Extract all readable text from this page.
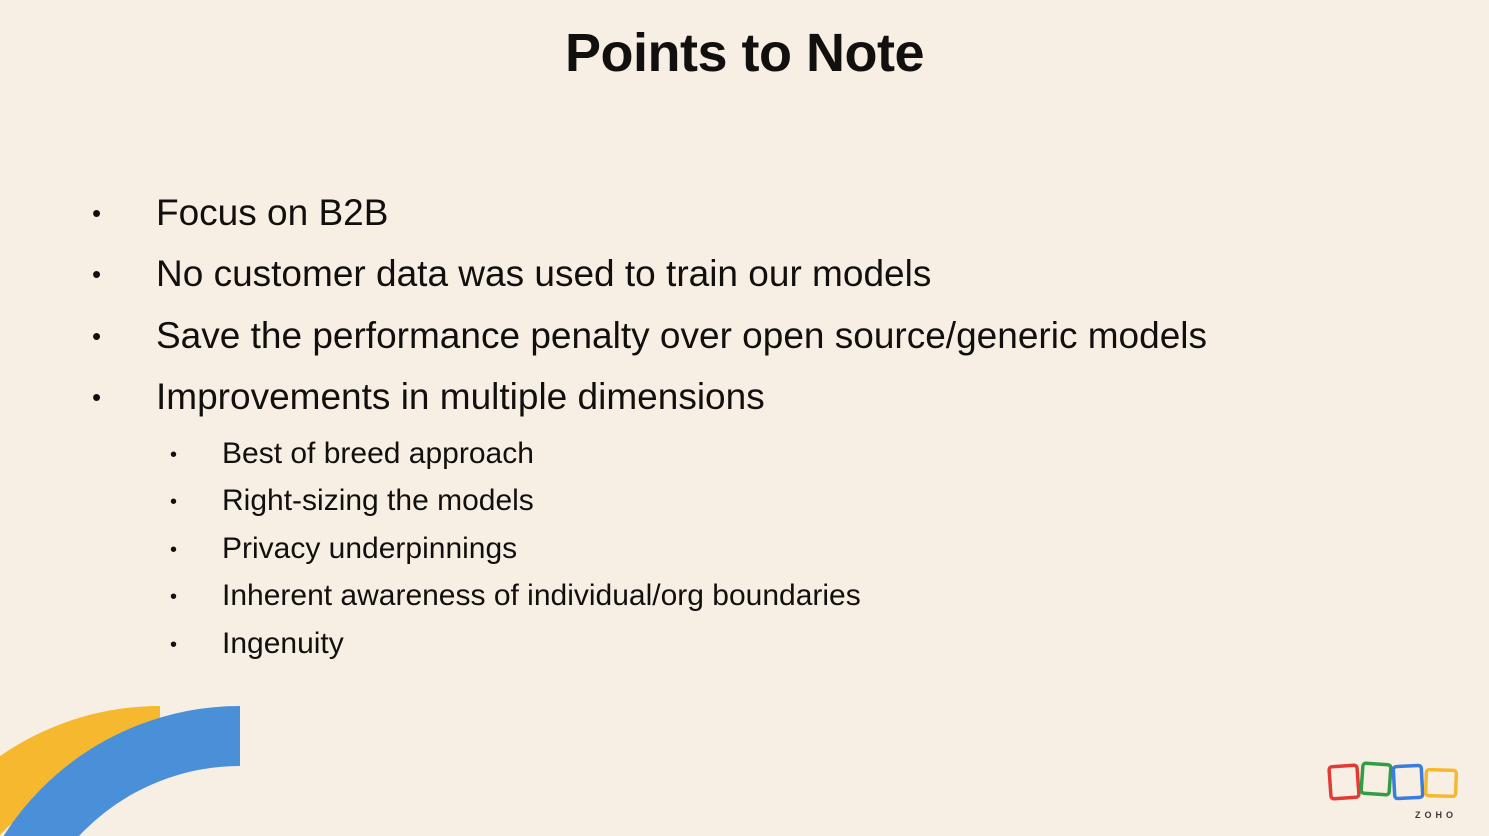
Points to Note
•	Focus on B2B
•	No customer data was used to train our models
•	Save the performance penalty over open source/generic models
•	Improvements in multiple dimensions
•	Best of breed approach
•	Right-sizing the models
•	Privacy underpinnings
•	Inherent awareness of individual/org boundaries
•	Ingenuity
ZOHO
